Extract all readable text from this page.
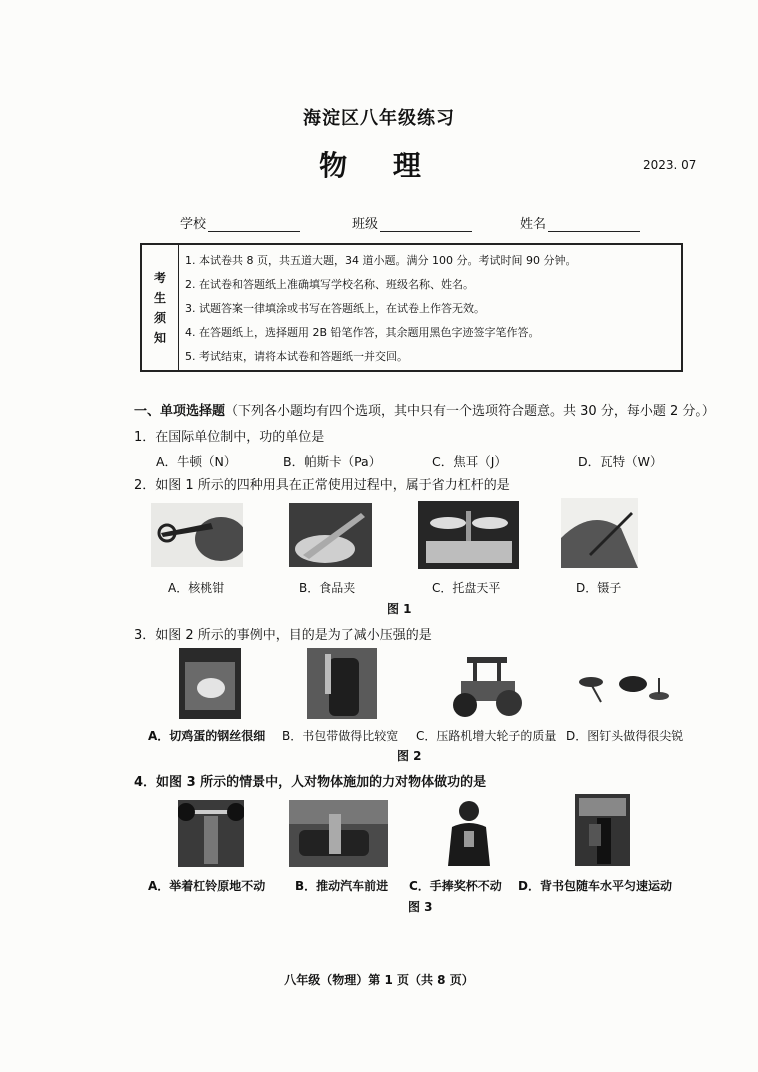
海淀区八年级练习
物 理	2023. 07
学校	班级	姓名
考
生
须
知
1. 本试卷共 8 页，共五道大题，34 道小题。满分 100 分。考试时间 90 分钟。
2. 在试卷和答题纸上准确填写学校名称、班级名称、姓名。
3. 试题答案一律填涂或书写在答题纸上，在试卷上作答无效。
4. 在答题纸上，选择题用 2B 铅笔作答，其余题用黑色字迹签字笔作答。
5. 考试结束，请将本试卷和答题纸一并交回。
一、单项选择题（下列各小题均有四个选项，其中只有一个选项符合题意。共 30 分，每小题 2 分。）
1．在国际单位制中，功的单位是
A．牛顿（N）	B．帕斯卡（Pa）	C．焦耳（J）	D．瓦特（W）
2．如图 1 所示的四种用具在正常使用过程中，属于省力杠杆的是
A．核桃钳	B．食品夹	C．托盘天平	D．镊子
图 1
3．如图 2 所示的事例中，目的是为了减小压强的是
A．切鸡蛋的钢丝很细 B．书包带做得比较宽 C．压路机增大轮子的质量 D．图钉头做得很尖锐
图 2
4．如图 3 所示的情景中，人对物体施加的力对物体做功的是
A．举着杠铃原地不动 B．推动汽车前进 C．手捧奖杯不动 D．背书包随车水平匀速运动
图 3
八年级（物理）第 1 页（共 8 页）
